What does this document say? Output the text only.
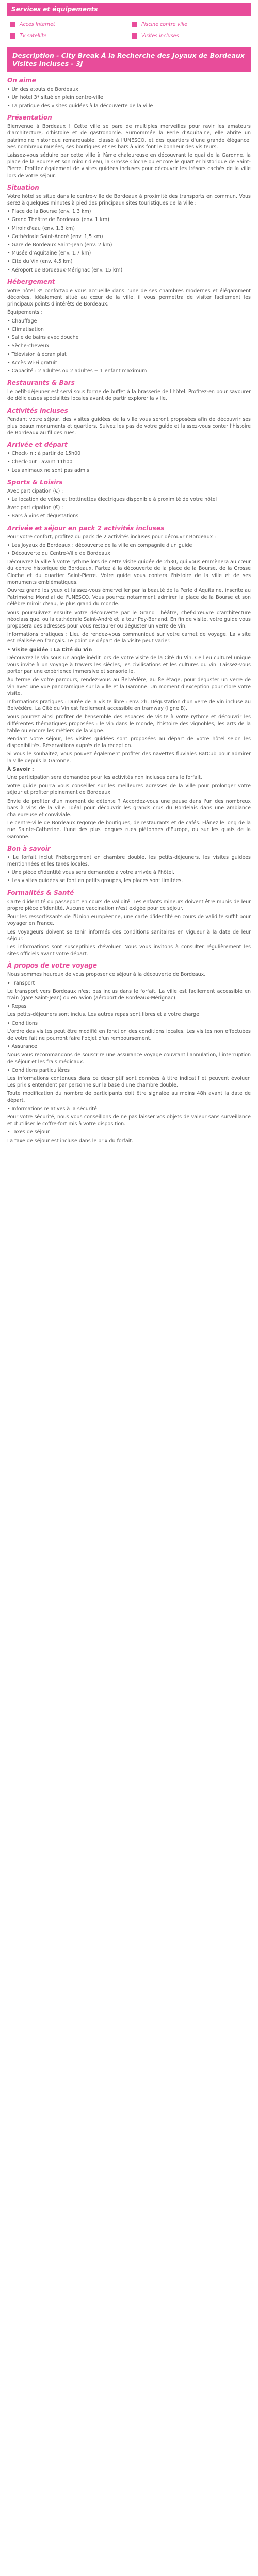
Services et équipements
Accès Internet	Piscine contre ville
Tv satellite	Visites incluses
Description - City Break À la Recherche des Joyaux de Bordeaux Visites Incluses - 3J
On aime

• Un des atouts de Bordeaux

• Un hôtel 3* situé en plein centre-ville

• La pratique des visites guidées à la découverte de la ville

Présentation

Bienvenue à Bordeaux ! Cette ville se pare de multiples merveilles pour ravir les amateurs d'architecture, d'histoire et de gastronomie. Surnommée la Perle d'Aquitaine, elle abrite un patrimoine historique remarquable, classé à l'UNESCO, et des quartiers d'une grande élégance. Ses nombreux musées, ses boutiques et ses bars à vins font le bonheur des visiteurs.

Laissez-vous séduire par cette ville à l'âme chaleureuse en découvrant le quai de la Garonne, la place de la Bourse et son miroir d'eau, la Grosse Cloche ou encore le quartier historique de Saint-Pierre. Profitez également de visites guidées incluses pour découvrir les trésors cachés de la ville lors de votre séjour.

Situation

Votre hôtel se situe dans le centre-ville de Bordeaux à proximité des transports en commun. Vous serez à quelques minutes à pied des principaux sites touristiques de la ville :

• Place de la Bourse (env. 1,3 km)

• Grand Théâtre de Bordeaux (env. 1 km)

• Miroir d'eau (env. 1,3 km)

• Cathédrale Saint-André (env. 1,5 km)

• Gare de Bordeaux Saint-Jean (env. 2 km)

• Musée d'Aquitaine (env. 1,7 km)

• Cité du Vin (env. 4,5 km)

• Aéroport de Bordeaux-Mérignac (env. 15 km)

Hébergement

Votre hôtel 3* confortable vous accueille dans l'une de ses chambres modernes et élégamment décorées. Idéalement situé au cœur de la ville, il vous permettra de visiter facilement les principaux points d'intérêts de Bordeaux.

Équipements :

• Chauffage

• Climatisation

• Salle de bains avec douche

• Sèche-cheveux

• Télévision à écran plat

• Accès Wi-Fi gratuit

• Capacité : 2 adultes ou 2 adultes + 1 enfant maximum

Restaurants & Bars

Le petit-déjeuner est servi sous forme de buffet à la brasserie de l'hôtel. Profitez-en pour savourer de délicieuses spécialités locales avant de partir explorer la ville.

Activités incluses

Pendant votre séjour, des visites guidées de la ville vous seront proposées afin de découvrir ses plus beaux monuments et quartiers. Suivez les pas de votre guide et laissez-vous conter l'histoire de Bordeaux au fil des rues.

Arrivée et départ

• Check-in : à partir de 15h00

• Check-out : avant 11h00

• Les animaux ne sont pas admis

Sports & Loisirs

Avec participation (€) :

• La location de vélos et trottinettes électriques disponible à proximité de votre hôtel

Avec participation (€) :

• Bars à vins et dégustations

Arrivée et séjour en pack 2 activités incluses

Pour votre confort, profitez du pack de 2 activités incluses pour découvrir Bordeaux :

• Les Joyaux de Bordeaux : découverte de la ville en compagnie d'un guide

• Découverte du Centre-Ville de Bordeaux

Découvrez la ville à votre rythme lors de cette visite guidée de 2h30, qui vous emmènera au cœur du centre historique de Bordeaux. Partez à la découverte de la place de la Bourse, de la Grosse Cloche et du quartier Saint-Pierre. Votre guide vous contera l'histoire de la ville et de ses monuments emblématiques.

Ouvrez grand les yeux et laissez-vous émerveiller par la beauté de la Perle d'Aquitaine, inscrite au Patrimoine Mondial de l'UNESCO. Vous pourrez notamment admirer la place de la Bourse et son célèbre miroir d'eau, le plus grand du monde.

Vous poursuivrez ensuite votre découverte par le Grand Théâtre, chef-d'œuvre d'architecture néoclassique, ou la cathédrale Saint-André et la tour Pey-Berland. En fin de visite, votre guide vous proposera des adresses pour vous restaurer ou déguster un verre de vin.

Informations pratiques : Lieu de rendez-vous communiqué sur votre carnet de voyage. La visite est réalisée en français. Le point de départ de la visite peut varier.

• Visite guidée : La Cité du Vin

Découvrez le vin sous un angle inédit lors de votre visite de la Cité du Vin. Ce lieu culturel unique vous invite à un voyage à travers les siècles, les civilisations et les cultures du vin. Laissez-vous porter par une expérience immersive et sensorielle.

Au terme de votre parcours, rendez-vous au Belvédère, au 8e étage, pour déguster un verre de vin avec une vue panoramique sur la ville et la Garonne. Un moment d'exception pour clore votre visite.

Informations pratiques : Durée de la visite libre : env. 2h. Dégustation d'un verre de vin incluse au Belvédère. La Cité du Vin est facilement accessible en tramway (ligne B).

Vous pourrez ainsi profiter de l'ensemble des espaces de visite à votre rythme et découvrir les différentes thématiques proposées : le vin dans le monde, l'histoire des vignobles, les arts de la table ou encore les métiers de la vigne.

Pendant votre séjour, les visites guidées sont proposées au départ de votre hôtel selon les disponibilités. Réservations auprès de la réception.

Si vous le souhaitez, vous pouvez également profiter des navettes fluviales BatCub pour admirer la ville depuis la Garonne.

À Savoir :

Une participation sera demandée pour les activités non incluses dans le forfait.

Votre guide pourra vous conseiller sur les meilleures adresses de la ville pour prolonger votre séjour et profiter pleinement de Bordeaux.

Envie de profiter d'un moment de détente ? Accordez-vous une pause dans l'un des nombreux bars à vins de la ville. Idéal pour découvrir les grands crus du Bordelais dans une ambiance chaleureuse et conviviale.

Le centre-ville de Bordeaux regorge de boutiques, de restaurants et de cafés. Flânez le long de la rue Sainte-Catherine, l'une des plus longues rues piétonnes d'Europe, ou sur les quais de la Garonne.

Bon à savoir

• Le forfait inclut l'hébergement en chambre double, les petits-déjeuners, les visites guidées mentionnées et les taxes locales.

• Une pièce d'identité vous sera demandée à votre arrivée à l'hôtel.

• Les visites guidées se font en petits groupes, les places sont limitées.

Formalités & Santé

Carte d'identité ou passeport en cours de validité. Les enfants mineurs doivent être munis de leur propre pièce d'identité. Aucune vaccination n'est exigée pour ce séjour.

Pour les ressortissants de l'Union européenne, une carte d'identité en cours de validité suffit pour voyager en France.

Les voyageurs doivent se tenir informés des conditions sanitaires en vigueur à la date de leur séjour.

Les informations sont susceptibles d'évoluer. Nous vous invitons à consulter régulièrement les sites officiels avant votre départ.

À propos de votre voyage

Nous sommes heureux de vous proposer ce séjour à la découverte de Bordeaux.

• Transport

Le transport vers Bordeaux n'est pas inclus dans le forfait. La ville est facilement accessible en train (gare Saint-Jean) ou en avion (aéroport de Bordeaux-Mérignac).

• Repas

Les petits-déjeuners sont inclus. Les autres repas sont libres et à votre charge.

• Conditions

L'ordre des visites peut être modifié en fonction des conditions locales. Les visites non effectuées de votre fait ne pourront faire l'objet d'un remboursement.

• Assurance

Nous vous recommandons de souscrire une assurance voyage couvrant l'annulation, l'interruption de séjour et les frais médicaux.

• Conditions particulières

Les informations contenues dans ce descriptif sont données à titre indicatif et peuvent évoluer. Les prix s'entendent par personne sur la base d'une chambre double.

Toute modification du nombre de participants doit être signalée au moins 48h avant la date de départ.

• Informations relatives à la sécurité

Pour votre sécurité, nous vous conseillons de ne pas laisser vos objets de valeur sans surveillance et d'utiliser le coffre-fort mis à votre disposition.

• Taxes de séjour

La taxe de séjour est incluse dans le prix du forfait.
